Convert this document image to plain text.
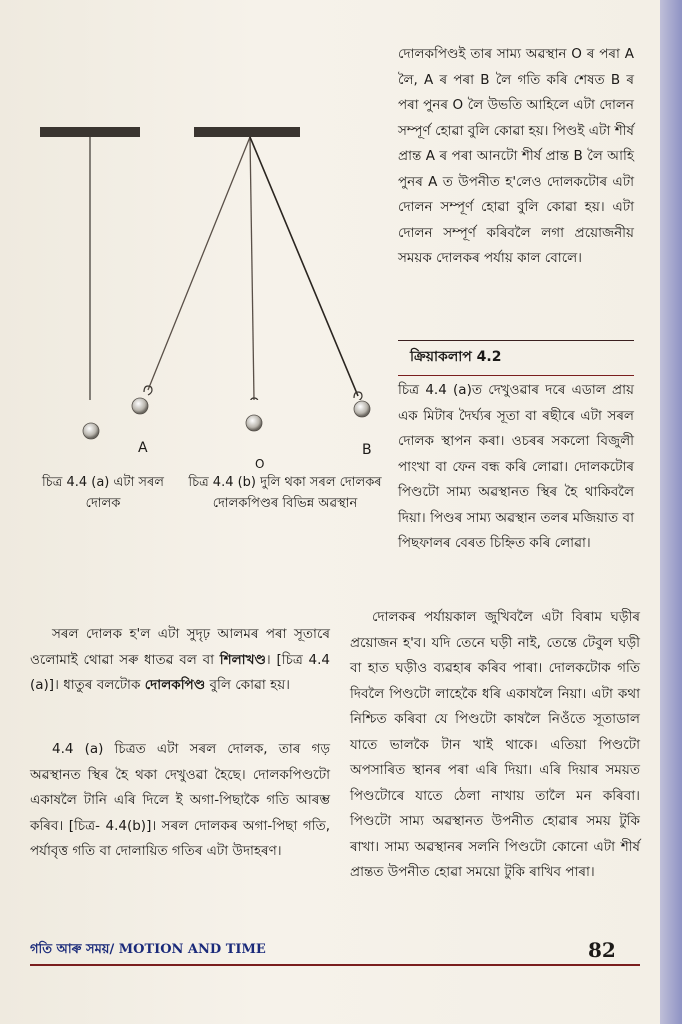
A
O
B
চিত্ৰ 4.4 (a) এটা সৰল দোলক
চিত্ৰ 4.4 (b) দুলি থকা সৰল দোলকৰ দোলকপিণ্ডৰ বিভিন্ন অৱস্থান

দোলকপিণ্ডই তাৰ সাম্য অৱস্থান O ৰ পৰা A লৈ, A ৰ পৰা B লৈ গতি কৰি শেষত B ৰ পৰা পুনৰ O লৈ উভতি আহিলে এটা দোলন সম্পূৰ্ণ হোৱা বুলি কোৱা হয়। পিণ্ডই এটা শীৰ্ষ প্ৰান্ত A ৰ পৰা আনটো শীৰ্ষ প্ৰান্ত B লৈ আহি পুনৰ A ত উপনীত হ'লেও দোলকটোৰ এটা দোলন সম্পূৰ্ণ হোৱা বুলি কোৱা হয়। এটা দোলন সম্পূৰ্ণ কৰিবলৈ লগা প্ৰয়োজনীয় সময়ক দোলকৰ পৰ্যায় কাল বোলে।

ক্ৰিয়াকলাপ 4.2

চিত্ৰ 4.4 (a)ত দেখুওৱাৰ দৰে এডাল প্ৰায় এক মিটাৰ দৈৰ্ঘ্যৰ সূতা বা ৰছীৰে এটা সৰল দোলক স্থাপন কৰা। ওচৰৰ সকলো বিজুলী পাংখা বা ফেন বন্ধ কৰি লোৱা। দোলকটোৰ পিণ্ডটো সাম্য অৱস্থানত স্থিৰ হৈ থাকিবলৈ দিয়া। পিণ্ডৰ সাম্য অৱস্থান তলৰ মজিয়াত বা পিছফালৰ বেৰত চিহ্নিত কৰি লোৱা।

দোলকৰ পৰ্যায়কাল জুখিবলৈ এটা বিৰাম ঘড়ীৰ প্ৰয়োজন হ'ব। যদি তেনে ঘড়ী নাই, তেন্তে টেবুল ঘড়ী বা হাত ঘড়ীও ব্যৱহাৰ কৰিব পাৰা। দোলকটোক গতি দিবলৈ পিণ্ডটো লাহেকৈ ধৰি একাষলৈ নিয়া। এটা কথা নিশ্চিত কৰিবা যে পিণ্ডটো কাষলৈ নিওঁতে সূতাডাল যাতে ভালকৈ টান খাই থাকে। এতিয়া পিণ্ডটো অপসাৰিত স্থানৰ পৰা এৰি দিয়া। এৰি দিয়াৰ সময়ত পিণ্ডটোৰে যাতে ঠেলা নাখায় তালৈ মন কৰিবা। পিণ্ডটো সাম্য অৱস্থানত উপনীত হোৱাৰ সময় টুকি ৰাখা। সাম্য অৱস্থানৰ সলনি পিণ্ডটো কোনো এটা শীৰ্ষ প্ৰান্তত উপনীত হোৱা সময়ো টুকি ৰাখিব পাৰা।

সৰল দোলক হ'ল এটা সুদৃঢ় আলমৰ পৰা সূতাৰে ওলোমাই থোৱা সৰু ধাতৱ বল বা শিলাখণ্ড। [চিত্ৰ 4.4 (a)]। ধাতুৰ বলটোক দোলকপিণ্ড বুলি কোৱা হয়।

4.4 (a) চিত্ৰত এটা সৰল দোলক, তাৰ গড় অৱস্থানত স্থিৰ হৈ থকা দেখুওৱা হৈছে। দোলকপিণ্ডটো একাষলৈ টানি এৰি দিলে ই অগা-পিছাকৈ গতি আৰম্ভ কৰিব। [চিত্ৰ- 4.4(b)]। সৰল দোলকৰ অগা-পিছা গতি, পৰ্যাবৃত্ত গতি বা দোলায়িত গতিৰ এটা উদাহৰণ।

গতি আৰু সময়/ MOTION AND TIME	82
